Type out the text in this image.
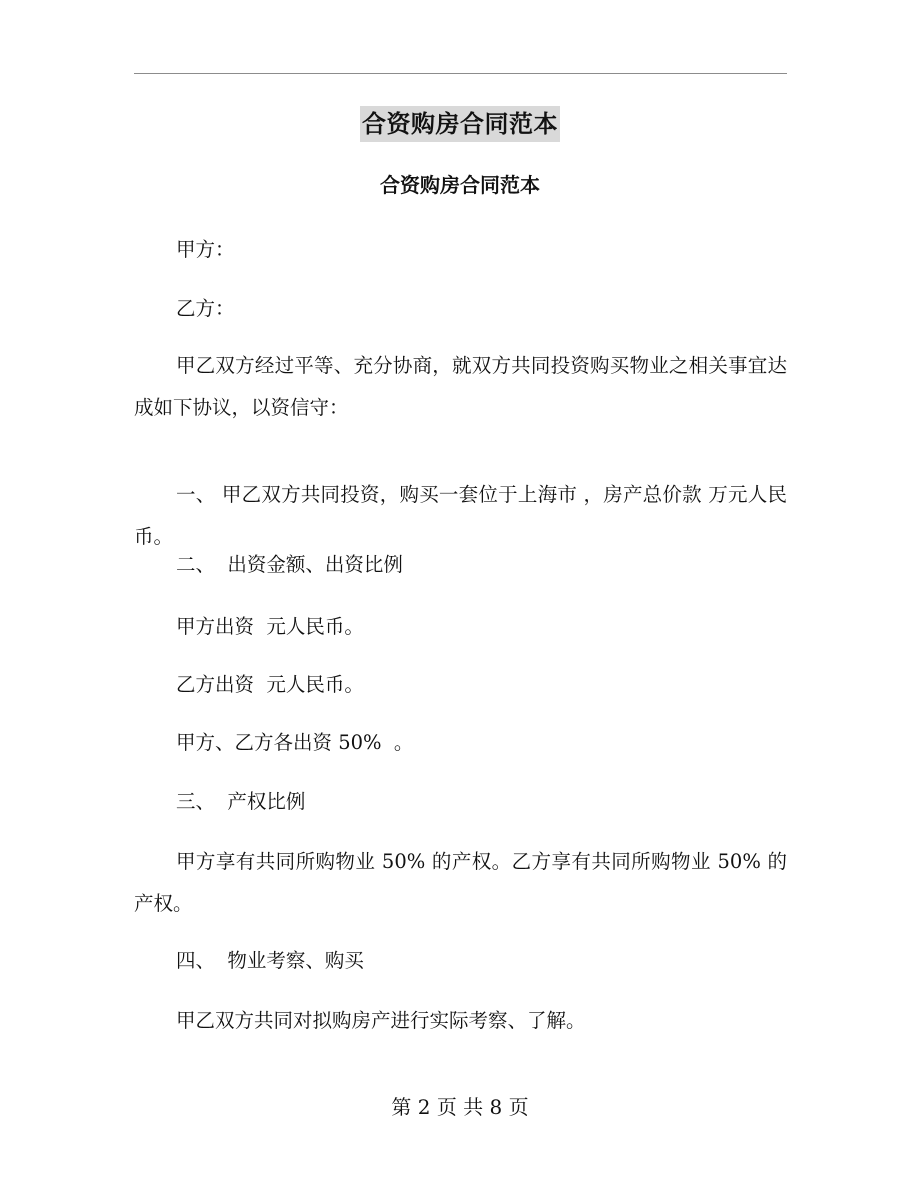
合资购房合同范本
合资购房合同范本

甲方：

乙方：

甲乙双方经过平等、充分协商，就双方共同投资购买物业之相关事宜达成如下协议，以资信守：

一、 甲乙双方共同投资，购买一套位于上海市 ，房产总价款 万元人民币。

二、  出资金额、出资比例

甲方出资  元人民币。

乙方出资  元人民币。

甲方、乙方各出资 50%  。

三、  产权比例

甲方享有共同所购物业 50% 的产权。乙方享有共同所购物业 50% 的产权。

四、  物业考察、购买

甲乙双方共同对拟购房产进行实际考察、了解。

第 2 页 共 8 页
